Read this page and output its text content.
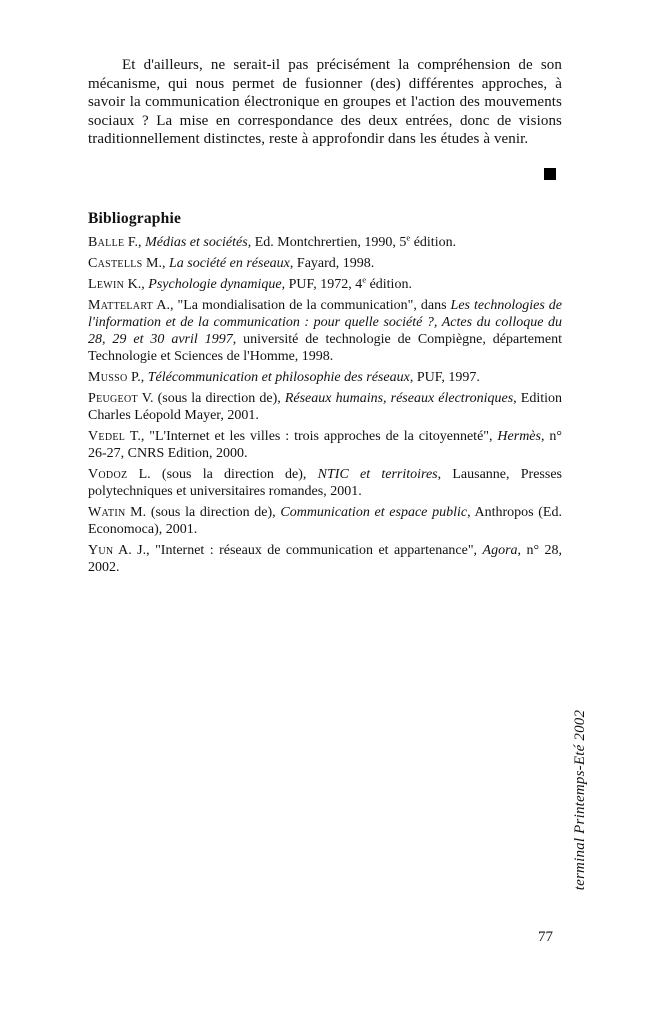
Et d'ailleurs, ne serait-il pas précisément la compréhension de son mécanisme, qui nous permet de fusionner (des) différentes approches, à savoir la communication électronique en groupes et l'action des mouvements sociaux ? La mise en correspondance des deux entrées, donc de visions traditionnellement distinctes, reste à approfondir dans les études à venir.

Bibliographie

Balle F., Médias et sociétés, Ed. Montchrertien, 1990, 5e édition.

Castells M., La société en réseaux, Fayard, 1998.

Lewin K., Psychologie dynamique, PUF, 1972, 4e édition.

Mattelart A., "La mondialisation de la communication", dans Les technologies de l'information et de la communication : pour quelle société ?, Actes du colloque du 28, 29 et 30 avril 1997, université de technologie de Compiègne, département Technologie et Sciences de l'Homme, 1998.

Musso P., Télécommunication et philosophie des réseaux, PUF, 1997.

Peugeot V. (sous la direction de), Réseaux humains, réseaux électroniques, Edition Charles Léopold Mayer, 2001.

Vedel T., "L'Internet et les villes : trois approches de la citoyenneté", Hermès, n° 26-27, CNRS Edition, 2000.

Vodoz L. (sous la direction de), NTIC et territoires, Lausanne, Presses polytechniques et universitaires romandes, 2001.

Watin M. (sous la direction de), Communication et espace public, Anthropos (Ed. Economoca), 2001.

Yun A. J., "Internet : réseaux de communication et appartenance", Agora, n° 28, 2002.

terminal Printemps-Eté 2002
77
